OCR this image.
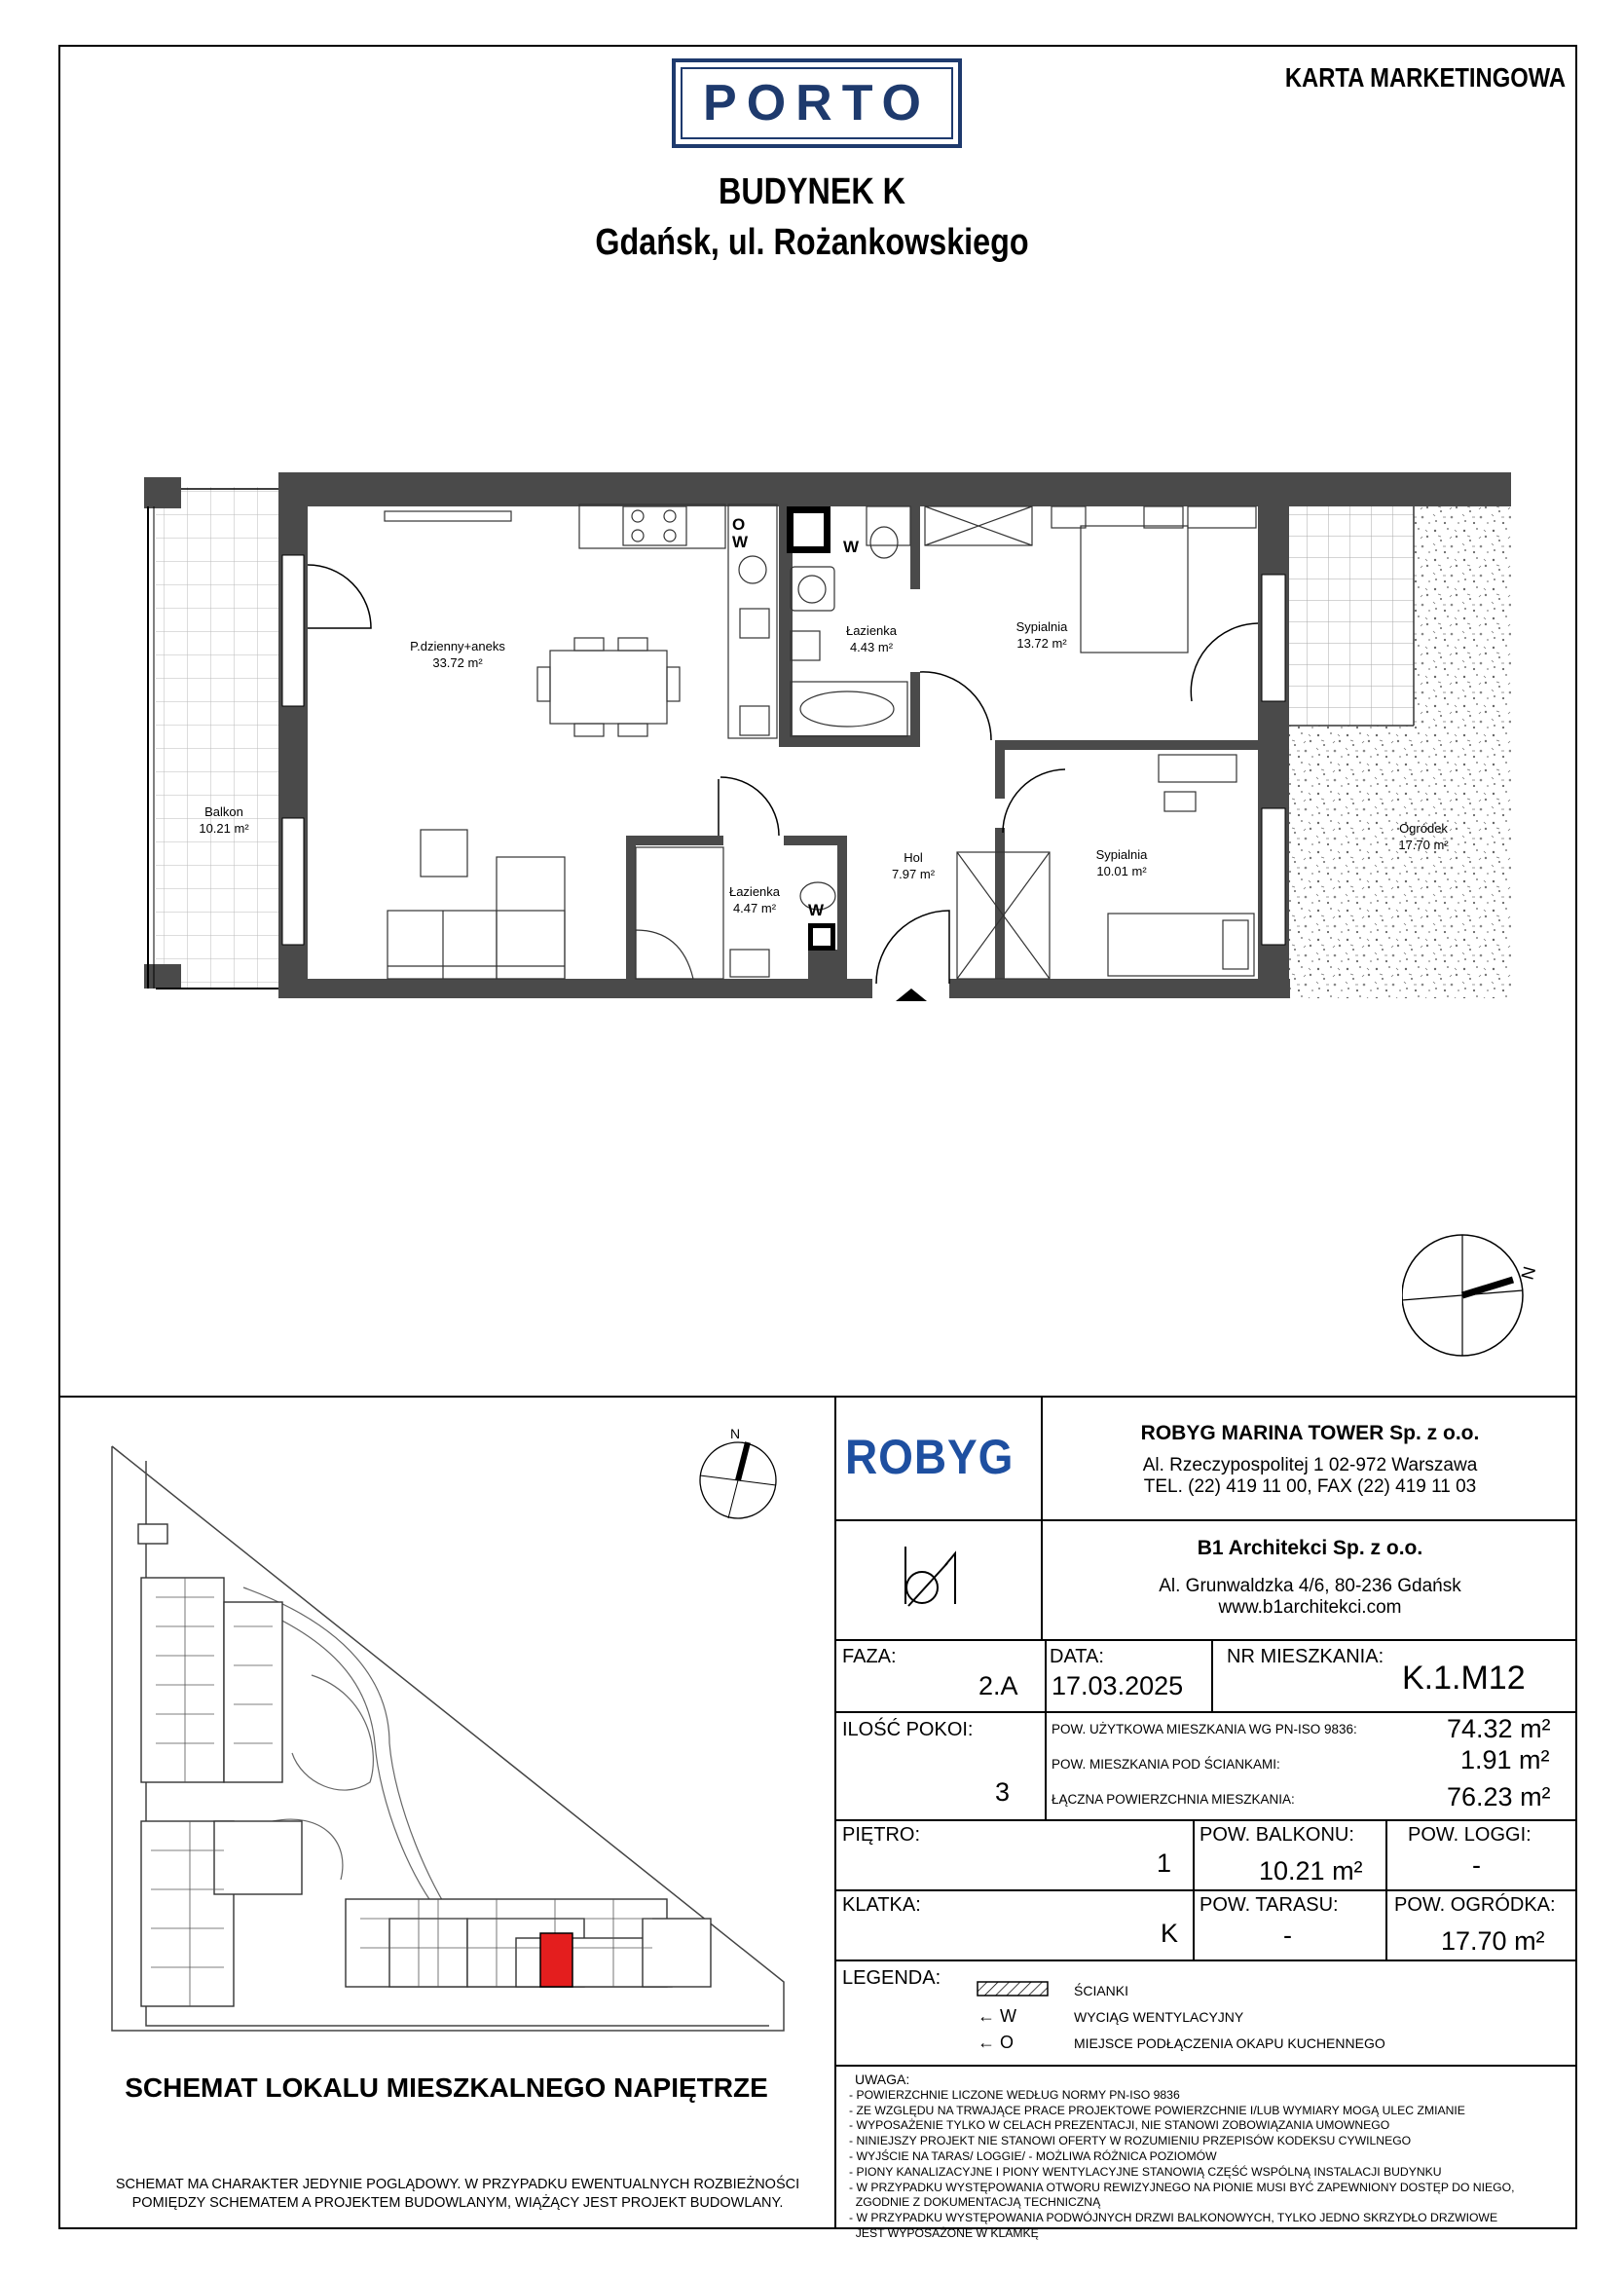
PORTO	KARTA MARKETINGOWA
BUDYNEK K
Gdańsk, ul. Rożankowskiego
P.dzienny+aneks
33.72 m²
Łazienka
4.43 m²
Sypialnia
13.72 m²
Balkon
10.21 m²
Łazienka
4.47 m²
Hol
7.97 m²
Sypialnia
10.01 m²
Ogródek
17.70 m²
O
W	W
W
N
N
SCHEMAT LOKALU MIESZKALNEGO NAPIĘTRZE
SCHEMAT MA CHARAKTER JEDYNIE POGLĄDOWY. W PRZYPADKU EWENTUALNYCH ROZBIEŻNOŚCI POMIĘDZY SCHEMATEM A PROJEKTEM BUDOWLANYM, WIĄŻĄCY JEST PROJEKT BUDOWLANY.
ROBYG	ROBYG MARINA TOWER Sp. z o.o.
Al. Rzeczypospolitej 1 02-972 Warszawa
TEL. (22) 419 11 00, FAX (22) 419 11 03
b1	B1 Architekci Sp. z o.o.
Al. Grunwaldzka 4/6, 80-236 Gdańsk
www.b1architekci.com
FAZA:
2.A
DATA:
17.03.2025
NR MIESZKANIA:
K.1.M12
ILOŚĆ POKOI:
3
POW. UŻYTKOWA MIESZKANIA WG PN-ISO 9836:	74.32 m²
POW. MIESZKANIA POD ŚCIANKAMI:	1.91 m²
ŁĄCZNA POWIERZCHNIA MIESZKANIA:	76.23 m²
PIĘTRO:
1
POW. BALKONU:
10.21 m²
POW. LOGGI:
-
KLATKA:
K
POW. TARASU:
-
POW. OGRÓDKA:
17.70 m²
LEGENDA:
ŚCIANKI
← W	WYCIĄG WENTYLACYJNY
← O	MIEJSCE PODŁĄCZENIA OKAPU KUCHENNEGO
UWAGA:
- POWIERZCHNIE LICZONE WEDŁUG NORMY PN-ISO 9836
- ZE WZGLĘDU NA TRWAJĄCE PRACE PROJEKTOWE POWIERZCHNIE I/LUB WYMIARY MOGĄ ULEC ZMIANIE
- WYPOSAŻENIE TYLKO W CELACH PREZENTACJI, NIE STANOWI ZOBOWIĄZANIA UMOWNEGO
- NINIEJSZY PROJEKT NIE STANOWI OFERTY W ROZUMIENIU PRZEPISÓW KODEKSU CYWILNEGO
- WYJŚCIE NA TARAS/ LOGGIE/ - MOŻLIWA RÓŻNICA POZIOMÓW
- PIONY KANALIZACYJNE I PIONY WENTYLACYJNE STANOWIĄ CZĘŚĆ WSPÓLNĄ INSTALACJI BUDYNKU
- W PRZYPADKU WYSTĘPOWANIA OTWORU REWIZYJNEGO NA PIONIE MUSI BYĆ ZAPEWNIONY DOSTĘP DO NIEGO,
ZGODNIE Z DOKUMENTACJĄ TECHNICZNĄ
- W PRZYPADKU WYSTĘPOWANIA PODWÓJNYCH DRZWI BALKONOWYCH, TYLKO JEDNO SKRZYDŁO DRZWIOWE
JEST WYPOSAŻONE W KLAMKĘ
